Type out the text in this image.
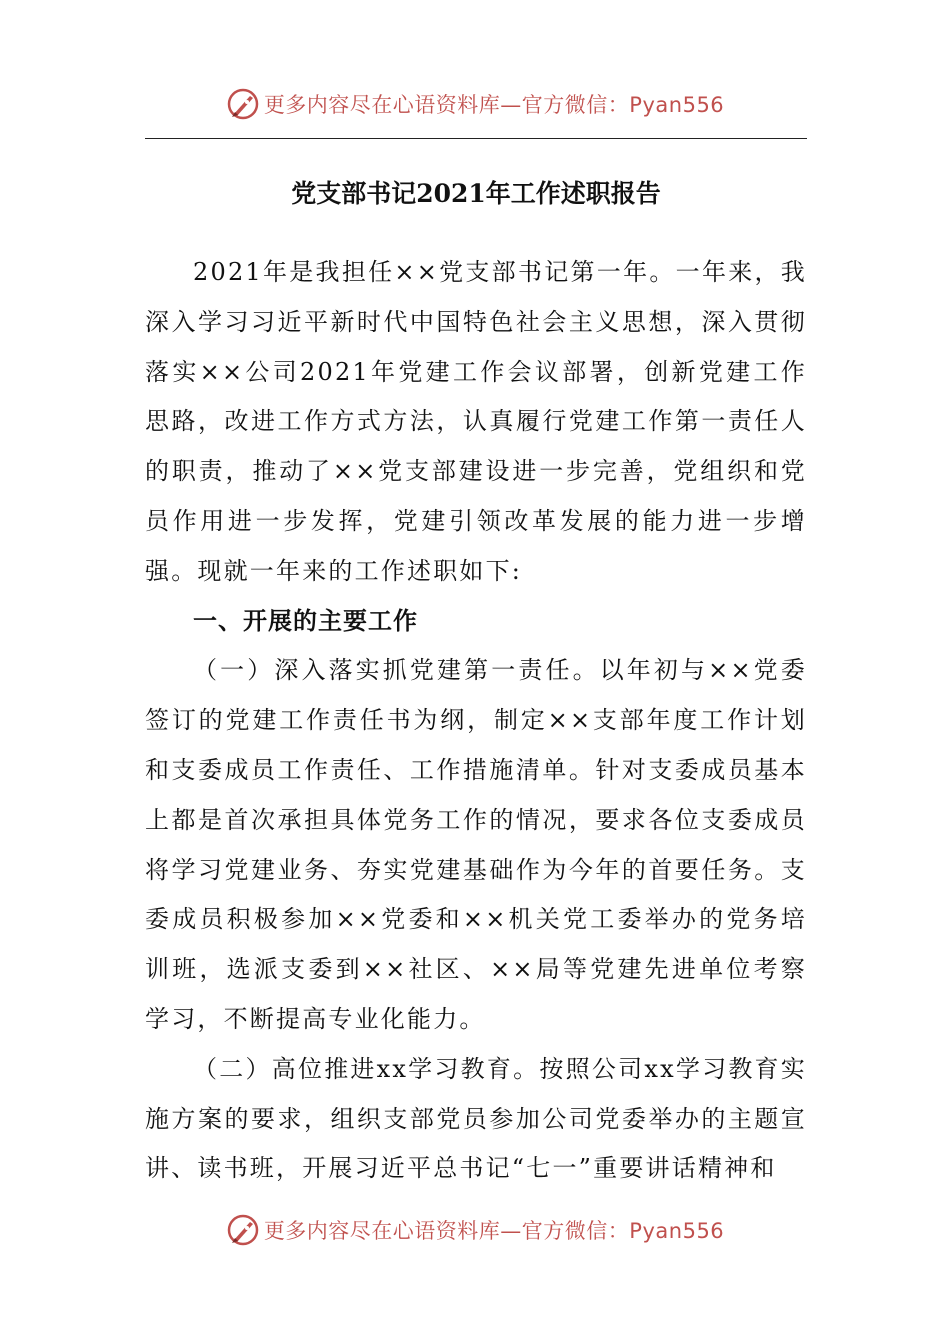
更多内容尽在心语资料库—官方微信：Pyan556
党支部书记2021年工作述职报告

2021年是我担任××党支部书记第一年。一年来，我深入学习习近平新时代中国特色社会主义思想，深入贯彻落实××公司2021年党建工作会议部署，创新党建工作思路，改进工作方式方法，认真履行党建工作第一责任人的职责，推动了××党支部建设进一步完善，党组织和党员作用进一步发挥，党建引领改革发展的能力进一步增强。现就一年来的工作述职如下:

一、开展的主要工作

（一）深入落实抓党建第一责任。以年初与××党委签订的党建工作责任书为纲，制定××支部年度工作计划和支委成员工作责任、工作措施清单。针对支委成员基本上都是首次承担具体党务工作的情况，要求各位支委成员将学习党建业务、夯实党建基础作为今年的首要任务。支委成员积极参加××党委和××机关党工委举办的党务培训班，选派支委到××社区、××局等党建先进单位考察学习，不断提高专业化能力。

（二）高位推进xx学习教育。按照公司xx学习教育实施方案的要求，组织支部党员参加公司党委举办的主题宣讲、读书班，开展习近平总书记“七一”重要讲话精神和

更多内容尽在心语资料库—官方微信：Pyan556
